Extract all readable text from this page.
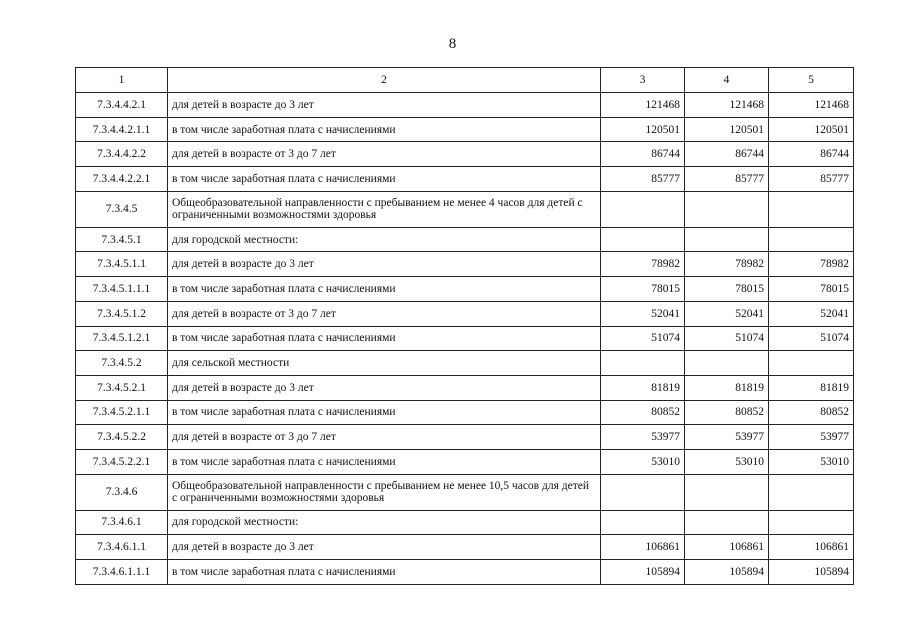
8
1	2	3	4	5
7.3.4.4.2.1	для детей в возрасте до 3 лет	121468	121468	121468
7.3.4.4.2.1.1	в том числе заработная плата с начислениями	120501	120501	120501
7.3.4.4.2.2	для детей в возрасте от 3 до 7 лет	86744	86744	86744
7.3.4.4.2.2.1	в том числе заработная плата с начислениями	85777	85777	85777
7.3.4.5	Общеобразовательной направленности с пребыванием не менее 4 часов для детей с ограниченными возможностями здоровья			
7.3.4.5.1	для городской местности:			
7.3.4.5.1.1	для детей в возрасте до 3 лет	78982	78982	78982
7.3.4.5.1.1.1	в том числе заработная плата с начислениями	78015	78015	78015
7.3.4.5.1.2	для детей в возрасте от 3 до 7 лет	52041	52041	52041
7.3.4.5.1.2.1	в том числе заработная плата с начислениями	51074	51074	51074
7.3.4.5.2	для сельской местности			
7.3.4.5.2.1	для детей в возрасте до 3 лет	81819	81819	81819
7.3.4.5.2.1.1	в том числе заработная плата с начислениями	80852	80852	80852
7.3.4.5.2.2	для детей в возрасте от 3 до 7 лет	53977	53977	53977
7.3.4.5.2.2.1	в том числе заработная плата с начислениями	53010	53010	53010
7.3.4.6	Общеобразовательной направленности с пребыванием не менее 10,5 часов для детей с ограниченными возможностями здоровья			
7.3.4.6.1	для городской местности:			
7.3.4.6.1.1	для детей в возрасте до 3 лет	106861	106861	106861
7.3.4.6.1.1.1	в том числе заработная плата с начислениями	105894	105894	105894
